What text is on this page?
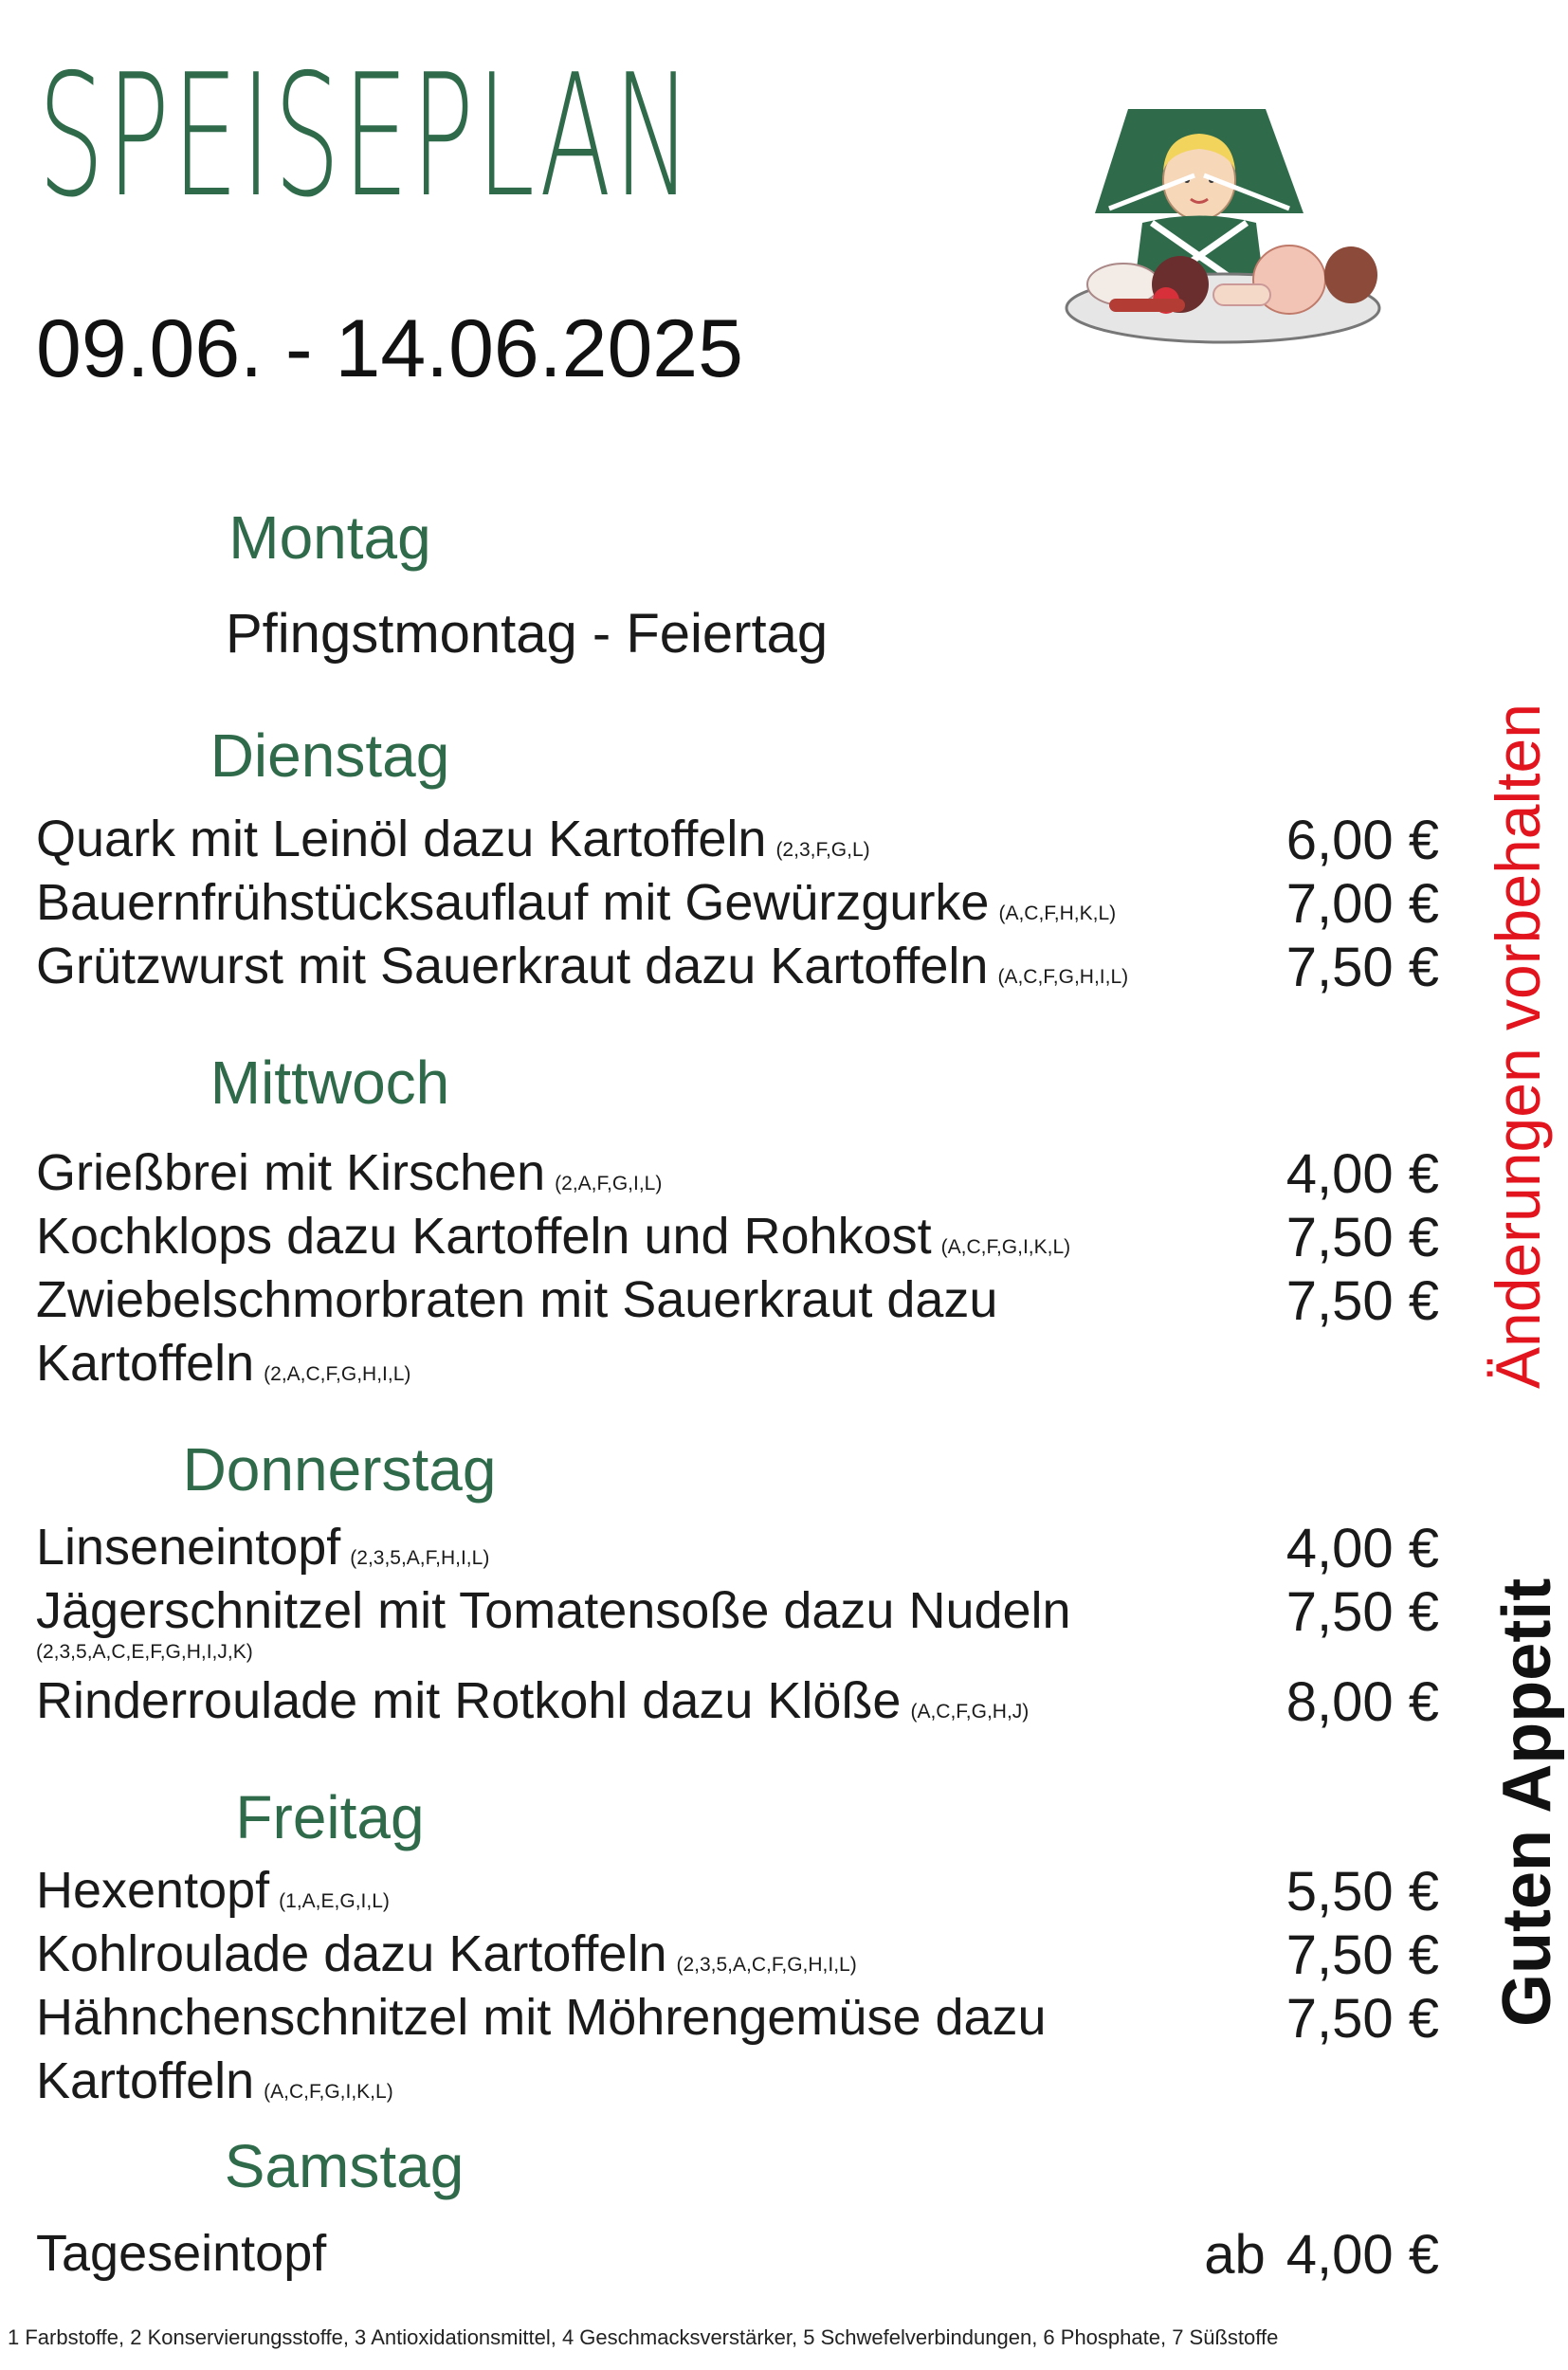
SPEISEPLAN
09.06. - 14.06.2025
Montag
Pfingstmontag - Feiertag
Dienstag
Quark mit Leinöl dazu Kartoffeln (2,3,F,G,L)	6,00 €
Bauernfrühstücksauflauf mit Gewürzgurke (A,C,F,H,K,L)	7,00 €
Grützwurst mit Sauerkraut dazu Kartoffeln (A,C,F,G,H,I,L)	7,50 €
Mittwoch
Grießbrei mit Kirschen (2,A,F,G,I,L)	4,00 €
Kochklops dazu Kartoffeln und Rohkost (A,C,F,G,I,K,L)	7,50 €
Zwiebelschmorbraten mit Sauerkraut dazu
Kartoffeln (2,A,C,F,G,H,I,L)
7,50 €
Donnerstag
Linseneintopf (2,3,5,A,F,H,I,L)	4,00 €
Jägerschnitzel mit Tomatensoße dazu Nudeln
(2,3,5,A,C,E,F,G,H,I,J,K)
7,50 €
Rinderroulade mit Rotkohl dazu Klöße (A,C,F,G,H,J)	8,00 €
Freitag
Hexentopf (1,A,E,G,I,L)	5,50 €
Kohlroulade dazu Kartoffeln (2,3,5,A,C,F,G,H,I,L)	7,50 €
Hähnchenschnitzel mit Möhrengemüse dazu
Kartoffeln (A,C,F,G,I,K,L)
7,50 €
Samstag
Tageseintopf	ab 4,00 €
Änderungen vorbehalten
Guten Appetit
1 Farbstoffe, 2 Konservierungsstoffe, 3 Antioxidationsmittel, 4 Geschmacksverstärker, 5 Schwefelverbindungen, 6 Phosphate, 7 Süßstoffe
